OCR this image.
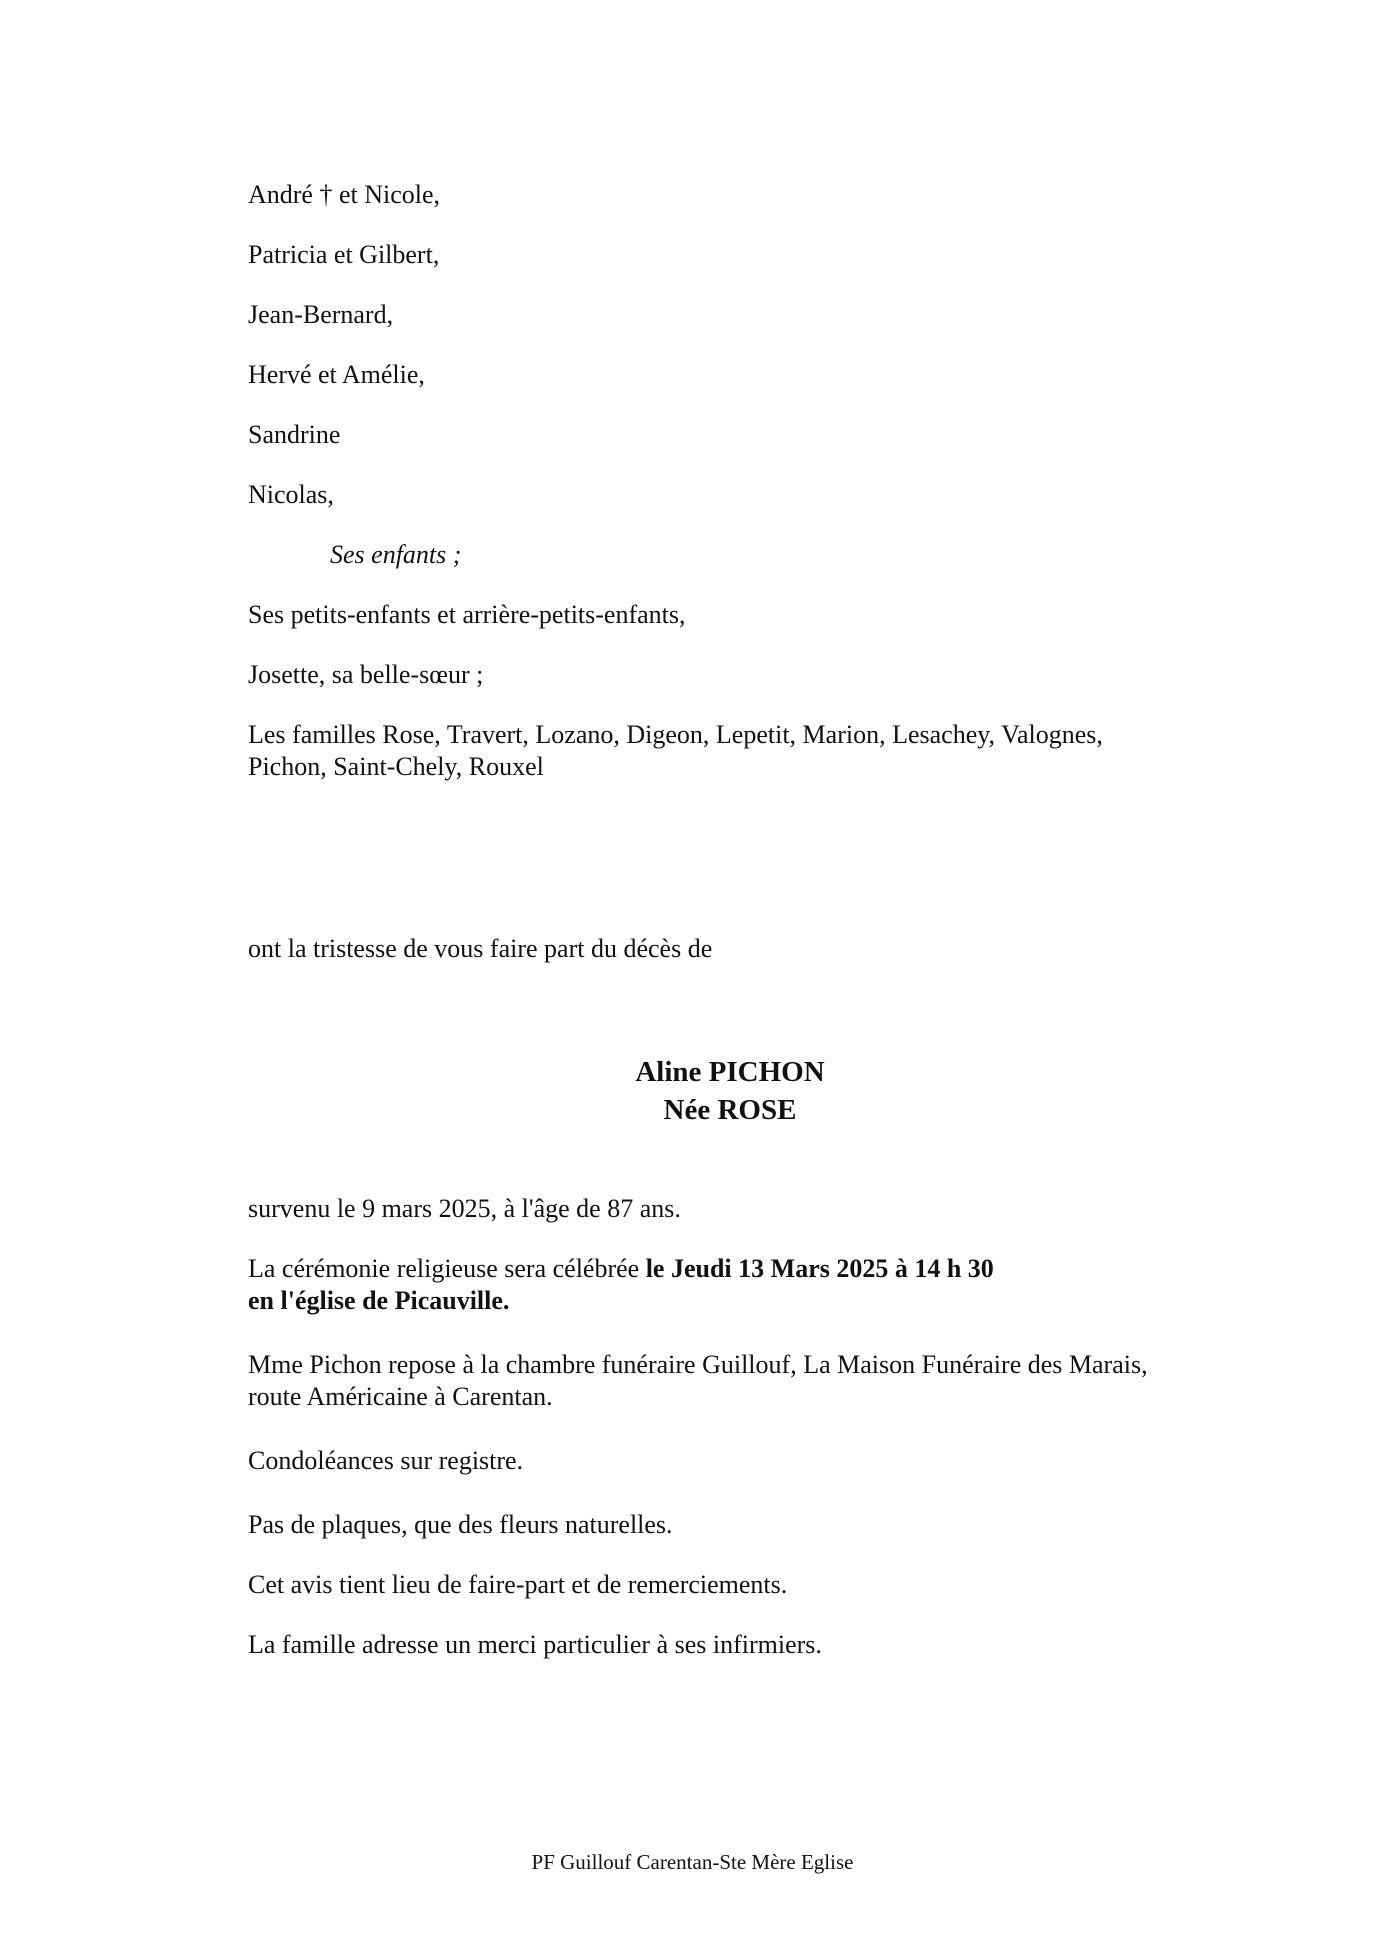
André † et Nicole,
Patricia et Gilbert,
Jean-Bernard,
Hervé et Amélie,
Sandrine
Nicolas,
Ses enfants ;
Ses petits-enfants et arrière-petits-enfants,
Josette, sa belle-sœur ;
Les familles Rose, Travert, Lozano, Digeon, Lepetit, Marion, Lesachey, Valognes,
Pichon, Saint-Chely, Rouxel
ont la tristesse de vous faire part du décès de
Aline PICHON
Née ROSE
survenu le 9 mars 2025, à l'âge de 87 ans.
La cérémonie religieuse sera célébrée le Jeudi 13 Mars 2025 à 14 h 30
en l'église de Picauville.
Mme Pichon repose à la chambre funéraire Guillouf, La Maison Funéraire des Marais,
route Américaine à Carentan.
Condoléances sur registre.
Pas de plaques, que des fleurs naturelles.
Cet avis tient lieu de faire-part et de remerciements.
La famille adresse un merci particulier à ses infirmiers.
PF Guillouf Carentan-Ste Mère Eglise
